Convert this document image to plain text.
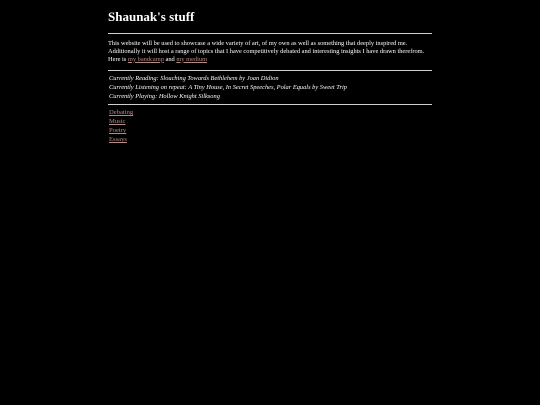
Shaunak's stuff

This website will be used to showcase a wide variety of art, of my own as well as something that deeply inspired me. Additionally it will host a range of topics that I have competitively debated and interesting insights I have drawn therefrom. Here is my bandcamp and my medium

Currently Reading: Slouching Towards Bethlehem by Joan Didion
Currently Listening on repeat: A Tiny House, In Secret Speeches, Polar Equals by Sweet Trip
Currently Playing: Hollow Knight Silksong
Debating
Music
Poetry
Essays
